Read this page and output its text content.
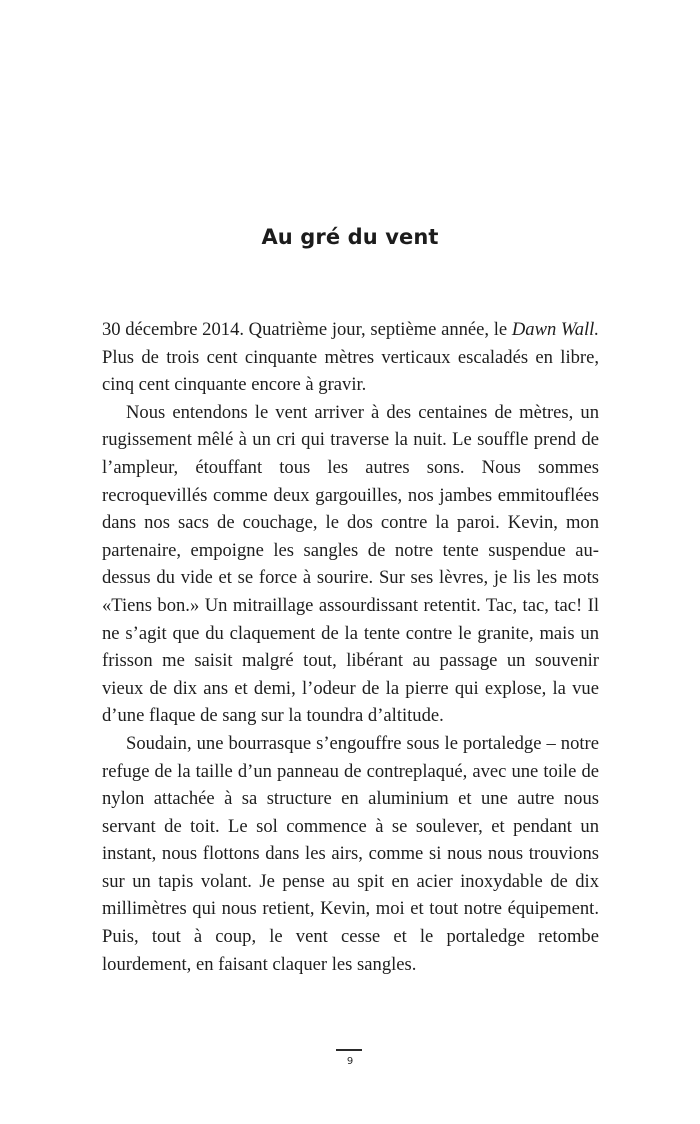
Au gré du vent

30 décembre 2014. Quatrième jour, septième année, le Dawn Wall. Plus de trois cent cinquante mètres verticaux escaladés en libre, cinq cent cinquante encore à gravir.

Nous entendons le vent arriver à des centaines de mètres, un rugissement mêlé à un cri qui traverse la nuit. Le souffle prend de l’ampleur, étouffant tous les autres sons. Nous sommes recroquevillés comme deux gargouilles, nos jambes emmitouflées dans nos sacs de couchage, le dos contre la paroi. Kevin, mon partenaire, empoigne les sangles de notre tente suspendue au-dessus du vide et se force à sourire. Sur ses lèvres, je lis les mots «Tiens bon.» Un mitraillage assourdissant retentit. Tac, tac, tac! Il ne s’agit que du claquement de la tente contre le granite, mais un frisson me saisit malgré tout, libérant au passage un souvenir vieux de dix ans et demi, l’odeur de la pierre qui explose, la vue d’une flaque de sang sur la toundra d’altitude.

Soudain, une bourrasque s’engouffre sous le portaledge – notre refuge de la taille d’un panneau de contreplaqué, avec une toile de nylon attachée à sa structure en aluminium et une autre nous servant de toit. Le sol commence à se soulever, et pendant un instant, nous flottons dans les airs, comme si nous nous trouvions sur un tapis volant. Je pense au spit en acier inoxydable de dix millimètres qui nous retient, Kevin, moi et tout notre équipement. Puis, tout à coup, le vent cesse et le portaledge retombe lourdement, en faisant claquer les sangles.

9
